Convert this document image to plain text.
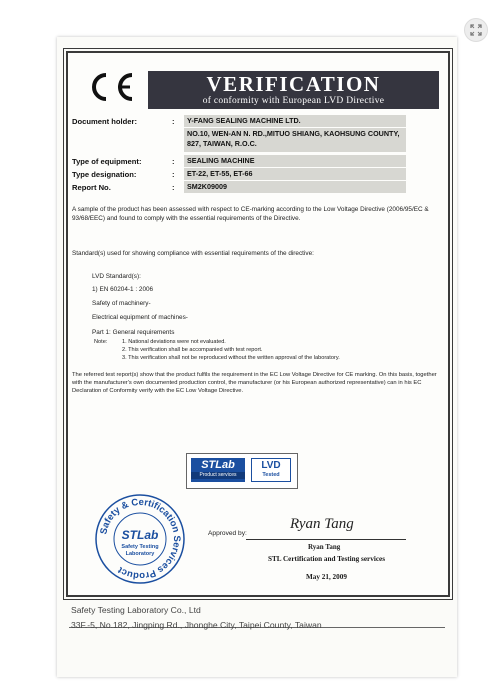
VERIFICATION
of conformity with European LVD Directive
Document holder:	:	Y-FANG SEALING MACHINE LTD.
NO.10, WEN-AN N. RD.,MITUO SHIANG, KAOHSUNG COUNTY, 827, TAIWAN, R.O.C.
Type of equipment:	:	SEALING MACHINE
Type designation:	:	ET-22, ET-55, ET-66
Report No.	:	SM2K09009
A sample of the product has been assessed with respect to CE-marking according to the Low Voltage Directive (2006/95/EC & 93/68/EEC) and found to comply with the essential requirements of the Directive.
Standard(s) used for showing compliance with essential requirements of the directive:
LVD Standard(s):
1) EN 60204-1 : 2006
Safety of machinery-
Electrical equipment of machines-
Part 1: General requirements
Note:	1. National deviations were not evaluated.
2. This verification shall be accompanied with test report.
3. This verification shall not be reproduced without the written approval of the laboratory.
The referred test report(s) show that the product fulfils the requirement in the EC Low Voltage Directive for CE marking. On this basis, together with the manufacturer's own documented production control, the manufacturer (or his European authorized representative) can in his EC Declaration of Conformity verify with the EC Low Voltage Directive.
STLab
Product services
LVD
Tested
Safety & Certification Services Product
STLab
Safety Testing
Laboratory
Approved by:
Ryan Tang
Ryan Tang
STL Certification and Testing services
May 21, 2009
Safety Testing Laboratory Co., Ltd
33F.-5, No.182, Jingping Rd., Jhonghe City, Taipei County, Taiwan
